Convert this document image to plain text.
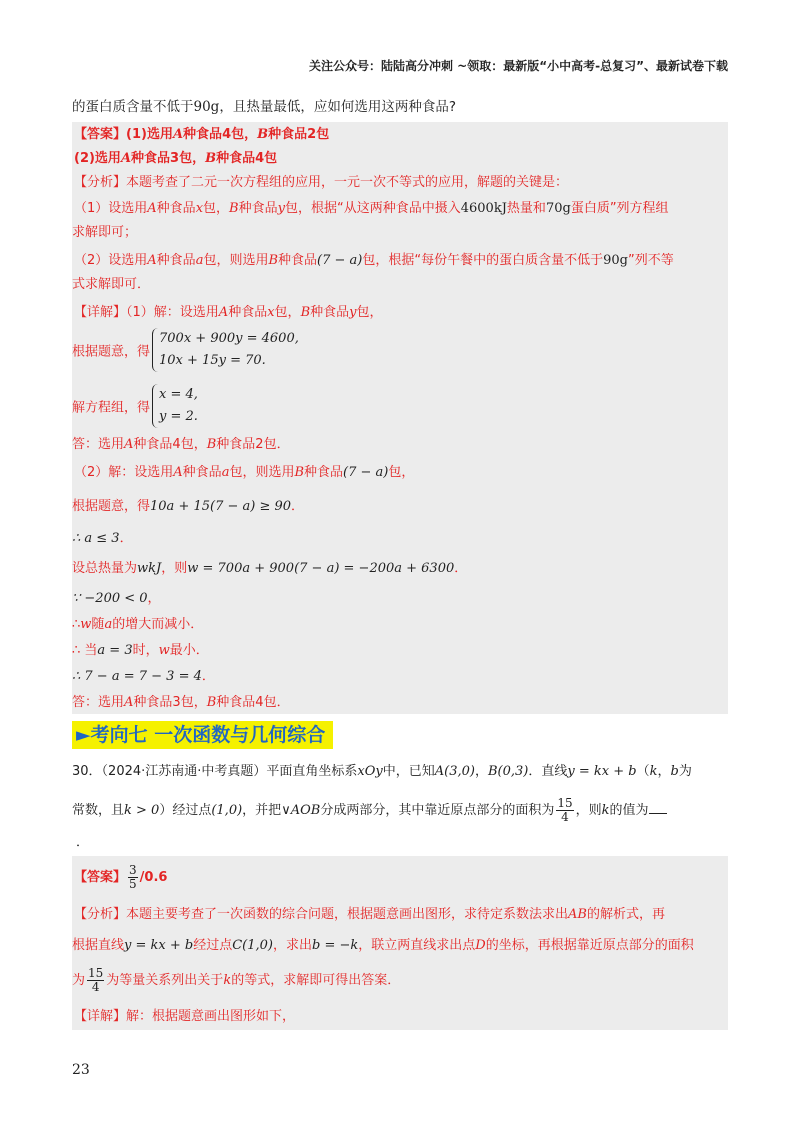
关注公众号：陆陆高分冲刺 ~领取：最新版“小中高考-总复习”、最新试卷下载
的蛋白质含量不低于90g，且热量最低，应如何选用这两种食品?
【答案】(1)选用A种食品4包，B种食品2包
(2)选用A种食品3包，B种食品4包
【分析】本题考查了二元一次方程组的应用，一元一次不等式的应用，解题的关键是：
（1）设选用A种食品x包，B种食品y包，根据“从这两种食品中摄入4600kJ热量和70g蛋白质”列方程组
求解即可；
（2）设选用A种食品a包，则选用B种食品(7 − a)包，根据“每份午餐中的蛋白质含量不低于90g”列不等
式求解即可．
【详解】（1）解：设选用A种食品x包，B种食品y包，
根据题意，得
700x + 900y = 4600,
10x + 15y = 70.
解方程组，得
x = 4,
y = 2.
答：选用A种食品4包，B种食品2包．
（2）解：设选用A种食品a包，则选用B种食品(7 − a)包，
根据题意，得10a + 15(7 − a) ≥ 90．
∴ a ≤ 3．
设总热量为wkJ，则w = 700a + 900(7 − a) = −200a + 6300．
∵ −200 < 0，
∴w随a的增大而减小．
∴ 当a = 3时，w最小．
∴ 7 − a = 7 − 3 = 4．
答：选用A种食品3包，B种食品4包．
►考向七 一次函数与几何综合
30．（2024·江苏南通·中考真题）平面直角坐标系xOy中，已知A(3,0)，B(0,3)．直线y = kx + b（k，b为
常数，且k > 0）经过点(1,0)，并把∨AOB分成两部分，其中靠近原点部分的面积为 $\frac{15}{4}$ ，则k的值为
．
【答案】 $\frac{3}{5} /0.6$
【分析】本题主要考查了一次函数的综合问题，根据题意画出图形，求待定系数法求出AB的解析式，再
根据直线y = kx + b经过点C(1,0)，求出b = −k，联立两直线求出点D的坐标，再根据靠近原点部分的面积
为 $\frac{15}{4}$ 为等量关系列出关于k的等式，求解即可得出答案．
【详解】解：根据题意画出图形如下，
23
